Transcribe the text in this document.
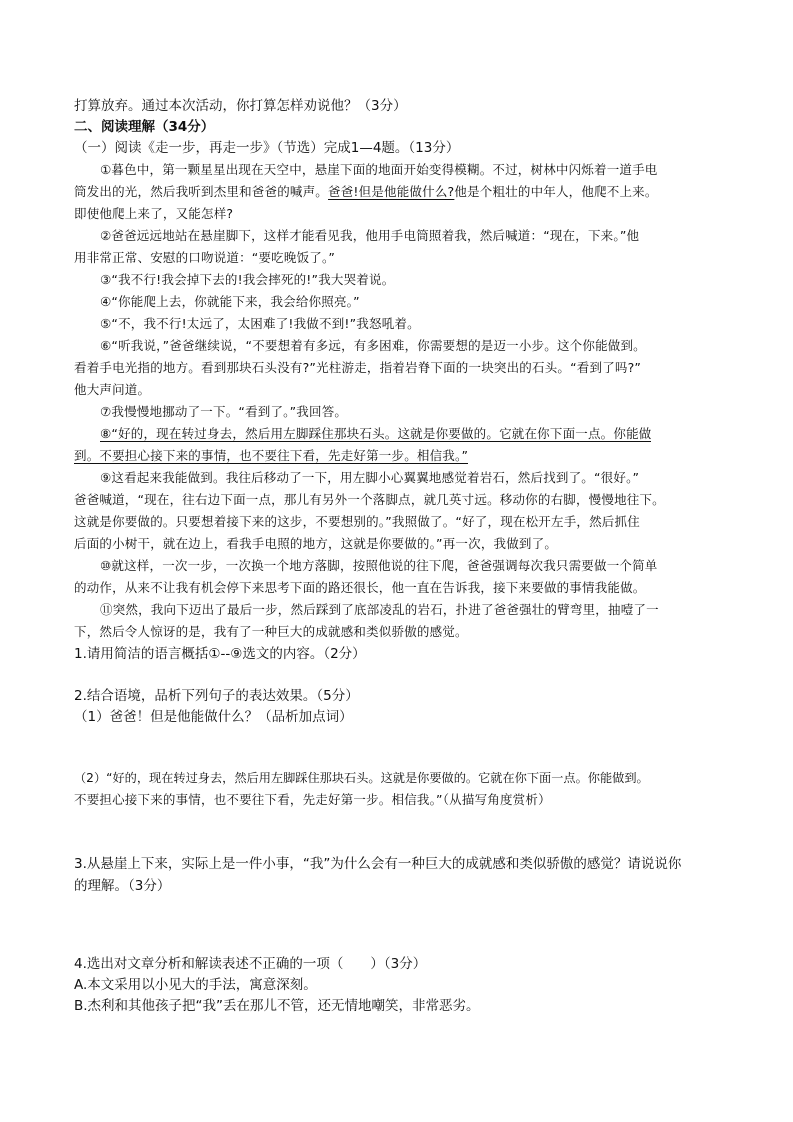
打算放弃。通过本次活动，你打算怎样劝说他？（3分）
二、阅读理解（34分）
（一）阅读《走一步，再走一步》（节选）完成1—4题。（13分）
①暮色中，第一颗星星出现在天空中，悬崖下面的地面开始变得模糊。不过，树林中闪烁着一道手电
筒发出的光，然后我听到杰里和爸爸的喊声。爸爸!但是他能做什么?他是个粗壮的中年人，他爬不上来。
即使他爬上来了，又能怎样?
②爸爸远远地站在悬崖脚下，这样才能看见我，他用手电筒照着我，然后喊道：“现在，下来。”他
用非常正常、安慰的口吻说道：“要吃晚饭了。”
③“我不行!我会掉下去的!我会摔死的!”我大哭着说。
④“你能爬上去，你就能下来，我会给你照亮。”
⑤“不，我不行!太远了，太困难了!我做不到!”我怒吼着。
⑥“听我说，”爸爸继续说，“不要想着有多远，有多困难，你需要想的是迈一小步。这个你能做到。
看着手电光指的地方。看到那块石头没有?”光柱游走，指着岩脊下面的一块突出的石头。“看到了吗?”
他大声问道。
⑦我慢慢地挪动了一下。“看到了。”我回答。
⑧“好的，现在转过身去，然后用左脚踩住那块石头。这就是你要做的。它就在你下面一点。你能做
到。不要担心接下来的事情，也不要往下看，先走好第一步。相信我。”
⑨这看起来我能做到。我往后移动了一下，用左脚小心翼翼地感觉着岩石，然后找到了。“很好。”
爸爸喊道，“现在，往右边下面一点，那儿有另外一个落脚点，就几英寸远。移动你的右脚，慢慢地往下。
这就是你要做的。只要想着接下来的这步，不要想别的。”我照做了。“好了，现在松开左手，然后抓住
后面的小树干，就在边上，看我手电照的地方，这就是你要做的。”再一次，我做到了。
⑩就这样，一次一步，一次换一个地方落脚，按照他说的往下爬，爸爸强调每次我只需要做一个简单
的动作，从来不让我有机会停下来思考下面的路还很长，他一直在告诉我，接下来要做的事情我能做。
⑪突然，我向下迈出了最后一步，然后踩到了底部凌乱的岩石，扑进了爸爸强壮的臂弯里，抽噎了一
下，然后令人惊讶的是，我有了一种巨大的成就感和类似骄傲的感觉。
1.请用简洁的语言概括①--⑨选文的内容。（2分）
2.结合语境，品析下列句子的表达效果。（5分）
（1）爸爸！但是他能做什么？（品析加点词）
（2）“好的，现在转过身去，然后用左脚踩住那块石头。这就是你要做的。它就在你下面一点。你能做到。
不要担心接下来的事情，也不要往下看，先走好第一步。相信我。”（从描写角度赏析）
3.从悬崖上下来，实际上是一件小事，“我”为什么会有一种巨大的成就感和类似骄傲的感觉？请说说你
的理解。（3分）
4.选出对文章分析和解读表述不正确的一项（　　）（3分）
A.本文采用以小见大的手法，寓意深刻。
B.杰利和其他孩子把“我”丢在那儿不管，还无情地嘲笑，非常恶劣。
